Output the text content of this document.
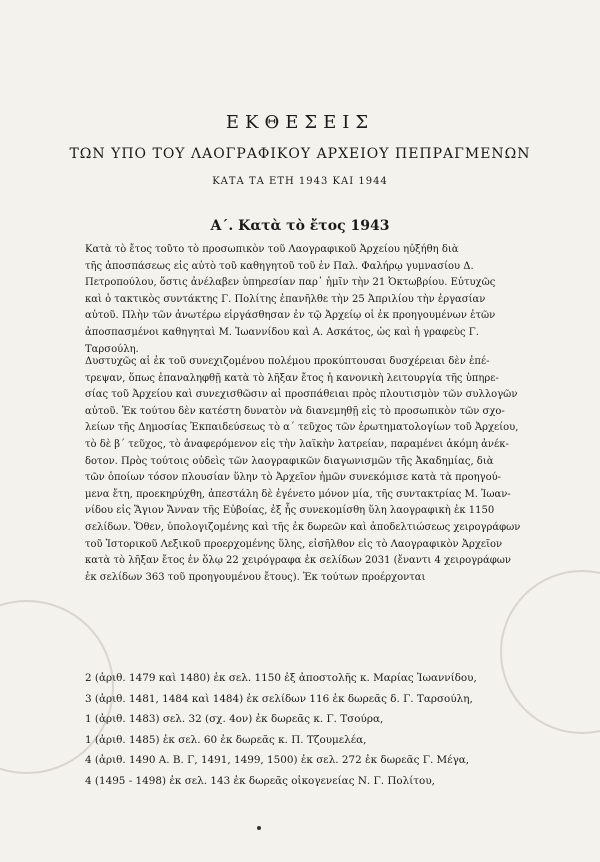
ΕΚΘΕΣΕΙΣ
ΤΩΝ ΥΠΟ ΤΟΥ ΛΑΟΓΡΑΦΙΚΟΥ ΑΡΧΕΙΟΥ ΠΕΠΡΑΓΜΕΝΩΝ
ΚΑΤΑ ΤΑ ΕΤΗ 1943 ΚΑΙ 1944
Α΄. Κατὰ τὸ ἔτος 1943
Κατὰ τὸ ἔτος τοῦτο τὸ προσωπικὸν τοῦ Λαογραφικοῦ Ἀρχείου ηὐξήθη διὰ
τῆς ἀποσπάσεως εἰς αὐτὸ τοῦ καθηγητοῦ τοῦ ἐν Παλ. Φαλήρῳ γυμνασίου Δ.
Πετροπούλου, ὅστις ἀνέλαβεν ὑπηρεσίαν παρ᾿ ἡμῖν τὴν 21 Ὀκτωβρίου. Εὐτυχῶς
καὶ ὁ τακτικὸς συντάκτης Γ. Πολίτης ἐπανῆλθε τὴν 25 Ἀπριλίου τὴν ἐργασίαν
αὐτοῦ. Πλὴν τῶν ἀνωτέρω εἰργάσθησαν ἐν τῷ Ἀρχείῳ οἱ ἐκ προηγουμένων ἐτῶν
ἀποσπασμένοι καθηγηταὶ Μ. Ἰωαννίδου καὶ Α. Ασκάτος, ὡς καὶ ἡ γραφεὺς Γ.
Ταρσούλη.
Δυστυχῶς αἱ ἐκ τοῦ συνεχιζομένου πολέμου προκύπτουσαι δυσχέρειαι δὲν ἐπέ-
τρεψαν, ὅπως ἐπαναληφθῇ κατὰ τὸ λῆξαν ἔτος ἡ κανονικὴ λειτουργία τῆς ὑπηρε-
σίας τοῦ Ἀρχείου καὶ συνεχισθῶσιν αἱ προσπάθειαι πρὸς πλουτισμὸν τῶν συλλογῶν
αὐτοῦ. Ἐκ τούτου δὲν κατέστη δυνατὸν νὰ διανεμηθῇ εἰς τὸ προσωπικὸν τῶν σχο-
λείων τῆς Δημοσίας Ἐκπαιδεύσεως τὸ α΄ τεῦχος τῶν ἐρωτηματολογίων τοῦ Ἀρχείου,
τὸ δὲ β΄ τεῦχος, τὸ ἀναφερόμενον εἰς τὴν λαϊκὴν λατρείαν, παραμένει ἀκόμη ἀνέκ-
δοτον. Πρὸς τούτοις οὐδεὶς τῶν λαογραφικῶν διαγωνισμῶν τῆς Ἀκαδημίας, διὰ
τῶν ὁποίων τόσον πλουσίαν ὕλην τὸ Ἀρχεῖον ἡμῶν συνεκόμισε κατὰ τὰ προηγού-
μενα ἔτη, προεκηρύχθη, ἀπεστάλη δὲ ἐγένετο μόνον μία, τῆς συντακτρίας Μ. Ἰωαν-
νίδου εἰς Ἅγιον Ἄνναν τῆς Εὐβοίας, ἐξ ἧς συνεκομίσθη ὕλη λαογραφικὴ ἐκ 1150
σελίδων. Ὅθεν, ὑπολογιζομένης καὶ τῆς ἐκ δωρεῶν καὶ ἀποδελτιώσεως χειρογράφων
τοῦ Ἱστορικοῦ Λεξικοῦ προερχομένης ὕλης, εἰσῆλθον εἰς τὸ Λαογραφικὸν Ἀρχεῖον
κατὰ τὸ λῆξαν ἔτος ἐν ὅλῳ 22 χειρόγραφα ἐκ σελίδων 2031 (ἔναντι 4 χειρογράφων
ἐκ σελίδων 363 τοῦ προηγουμένου ἔτους). Ἐκ τούτων προέρχονται
2 (ἀριθ. 1479 καὶ 1480) ἐκ σελ. 1150 ἐξ ἀποστολῆς κ. Μαρίας Ἰωαννίδου,
3 (ἀριθ. 1481, 1484 καὶ 1484) ἐκ σελίδων 116 ἐκ δωρεᾶς δ. Γ. Ταρσούλη,
1 (ἀριθ. 1483) σελ. 32 (σχ. 4ον) ἐκ δωρεᾶς κ. Γ. Τσούρα,
1 (ἀριθ. 1485) ἐκ σελ. 60 ἐκ δωρεᾶς κ. Π. Τζουμελέα,
4 (ἀριθ. 1490 Α. Β. Γ, 1491, 1499, 1500) ἐκ σελ. 272 ἐκ δωρεᾶς Γ. Μέγα,
4 (1495 - 1498) ἐκ σελ. 143 ἐκ δωρεᾶς οἰκογενείας Ν. Γ. Πολίτου,
